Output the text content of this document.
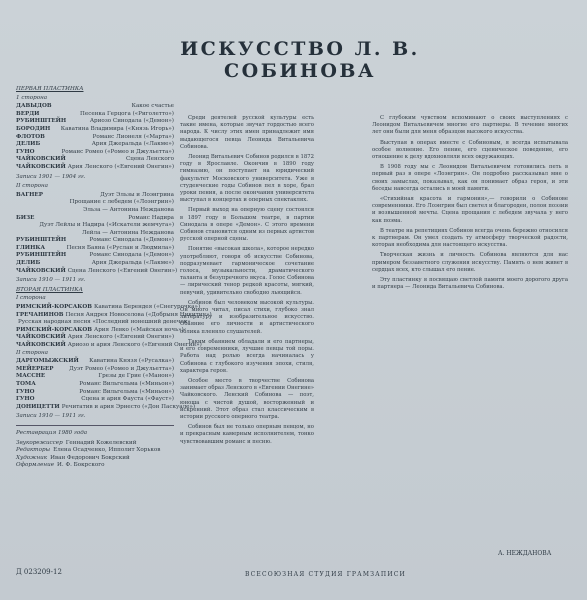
ИСКУССТВО Л. В. СОБИНОВА
ПЕРВАЯ ПЛАСТИНКА
1 сторона
ДАВЫДОВ	Какое счастье
ВЕРДИ	Песенка Герцога («Риголетто»)
РУБИНШТЕЙН	Ариозо Синодала («Демон»)
БОРОДИН Каватина Владимира («Князь Игорь»)
ФЛОТОВ	Романс Лионеля («Марта»)
ДЕЛИБ	Ария Джеральда («Лакме»)
ГУНО	Романс Ромео («Ромео и Джульетта»)
ЧАЙКОВСКИЙ	Сцена Ленского
ЧАЙКОВСКИЙ Ария Ленского («Евгений Онегин»)
Записи 1901 — 1904 гг.
II сторона
ВАГНЕР	Дуэт Эльзы и Лоэнгрина
Прощание с лебедем («Лоэнгрин»)
Эльза — Антонина Нежданова
БИЗЕ	Романс Надира
Дуэт Лейлы и Надира («Искатели жемчуга»)
Лейла — Антонина Нежданова
РУБИНШТЕЙН	Романс Синодала («Демон»)
ГЛИНКА	Песня Баяна («Руслан и Людмила»)
РУБИНШТЕЙН	Романс Синодала («Демон»)
ДЕЛИБ	Ария Джеральда («Лакме»)
ЧАЙКОВСКИЙ Сцена Ленского («Евгений Онегин»)
Записи 1910 — 1911 гг.
ВТОРАЯ ПЛАСТИНКА
I сторона
РИМСКИЙ-КОРСАКОВ Каватина Берендея («Снегурочка»)
ГРЕЧАНИНОВ Песня Андрея Новоселова («Добрыня Никитич»)
Русская народная песня «Последний нонешний денечек»
РИМСКИЙ-КОРСАКОВ Ария Левко («Майская ночь»)
ЧАЙКОВСКИЙ Ария Ленского («Евгений Онегин»)
ЧАЙКОВСКИЙ Ариозо и ария Ленского («Евгений Онегин»)
II сторона
ДАРГОМЫЖСКИЙ Каватина Князя («Русалка»)
МЕЙЕРБЕР	Дуэт Ромео («Ромео и Джульетта»)
МАССНЕ	Грезы де Грие («Манон»)
ТОМА	Романс Вильгельма («Миньон»)
ГУНО	Романс Вильгельма («Миньон»)
ГУНО	Сцена и ария Фауста («Фауст»)
ДОНИЦЕТТИ Речитатив и ария Эрнесто («Дон Паскуале»)
Записи 1910 — 1911 гг.
Реставрация 1980 года
Звукорежиссер Геннадий Кожелевский
Редакторы Елена Осадченко, Ипполит Хорьков
Художник Иван Федорович Бокрский
Оформление И. Ф. Бокрского
Д 023209-12

Среди деятелей русской культуры есть такие имена, которые звучат гордостью всего народа. К числу этих имен принадлежит имя выдающегося певца Леонида Витальевича Собинова.

Леонид Витальевич Собинов родился в 1872 году в Ярославле. Окончив в 1890 году гимназию, он поступает на юридический факультет Московского университета. Уже в студенческие годы Собинов пел в хоре, брал уроки пения, а после окончания университета выступал в концертах и оперных спектаклях.

Первый выход на оперную сцену состоялся в 1897 году в Большом театре, в партии Синодала в опере «Демон». С этого времени Собинов становится одним из первых артистов русской оперной сцены.

Понятие «высокая школа», которое нередко употребляют, говоря об искусстве Собинова, подразумевает гармоническое сочетание голоса, музыкальности, драматического таланта и безупречного вкуса. Голос Собинова — лирический тенор редкой красоты, мягкий, певучий, удивительно свободно льющийся.

Собинов был человеком высокой культуры. Он много читал, писал стихи, глубоко знал литературу и изобразительное искусство. Обаяние его личности и артистического облика пленяло слушателей.

Таким обаянием обладали и его партнеры, и его современники, лучшие певцы той поры. Работа над ролью всегда начиналась у Собинова с глубокого изучения эпохи, стиля, характера героя.

Особое место в творчестве Собинова занимает образ Ленского в «Евгении Онегине» Чайковского. Ленский Собинова — поэт, юноша с чистой душой, восторженный и искренний. Этот образ стал классическим в истории русского оперного театра.

Собинов был не только оперным певцом, но и прекрасным камерным исполнителем, тонко чувствовавшим романс и песню.

С глубоким чувством вспоминают о своих выступлениях с Леонидом Витальевичем многие его партнеры. В течение многих лет они были для меня образцом высокого искусства.

Выступая в операх вместе с Собиновым, я всегда испытывала особое волнение. Его пение, его сценическое поведение, его отношение к делу вдохновляли всех окружающих.

В 1908 году мы с Леонидом Витальевичем готовились петь в первый раз в опере «Лоэнгрин». Он подробно рассказывал мне о своих замыслах, показывал, как он понимает образ героя, и эти беседы навсегда остались в моей памяти.

«Стихийная красота и гармония»,— говорили о Собинове современники. Его Лоэнгрин был светел и благороден, полон поэзии и возвышенной мечты. Сцена прощания с лебедем звучала у него как поэма.

В театре на репетициях Собинов всегда очень бережно относился к партнерам. Он умел создать ту атмосферу творческой радости, которая необходима для настоящего искусства.

Творческая жизнь и личность Собинова являются для нас примером беззаветного служения искусству. Память о нем живет в сердцах всех, кто слышал его пение.

Эту пластинку я посвящаю светлой памяти моего дорогого друга и партнера — Леонида Витальевича Собинова.

А. НЕЖДАНОВА
ВСЕСОЮЗНАЯ СТУДИЯ ГРАМЗАПИСИ
